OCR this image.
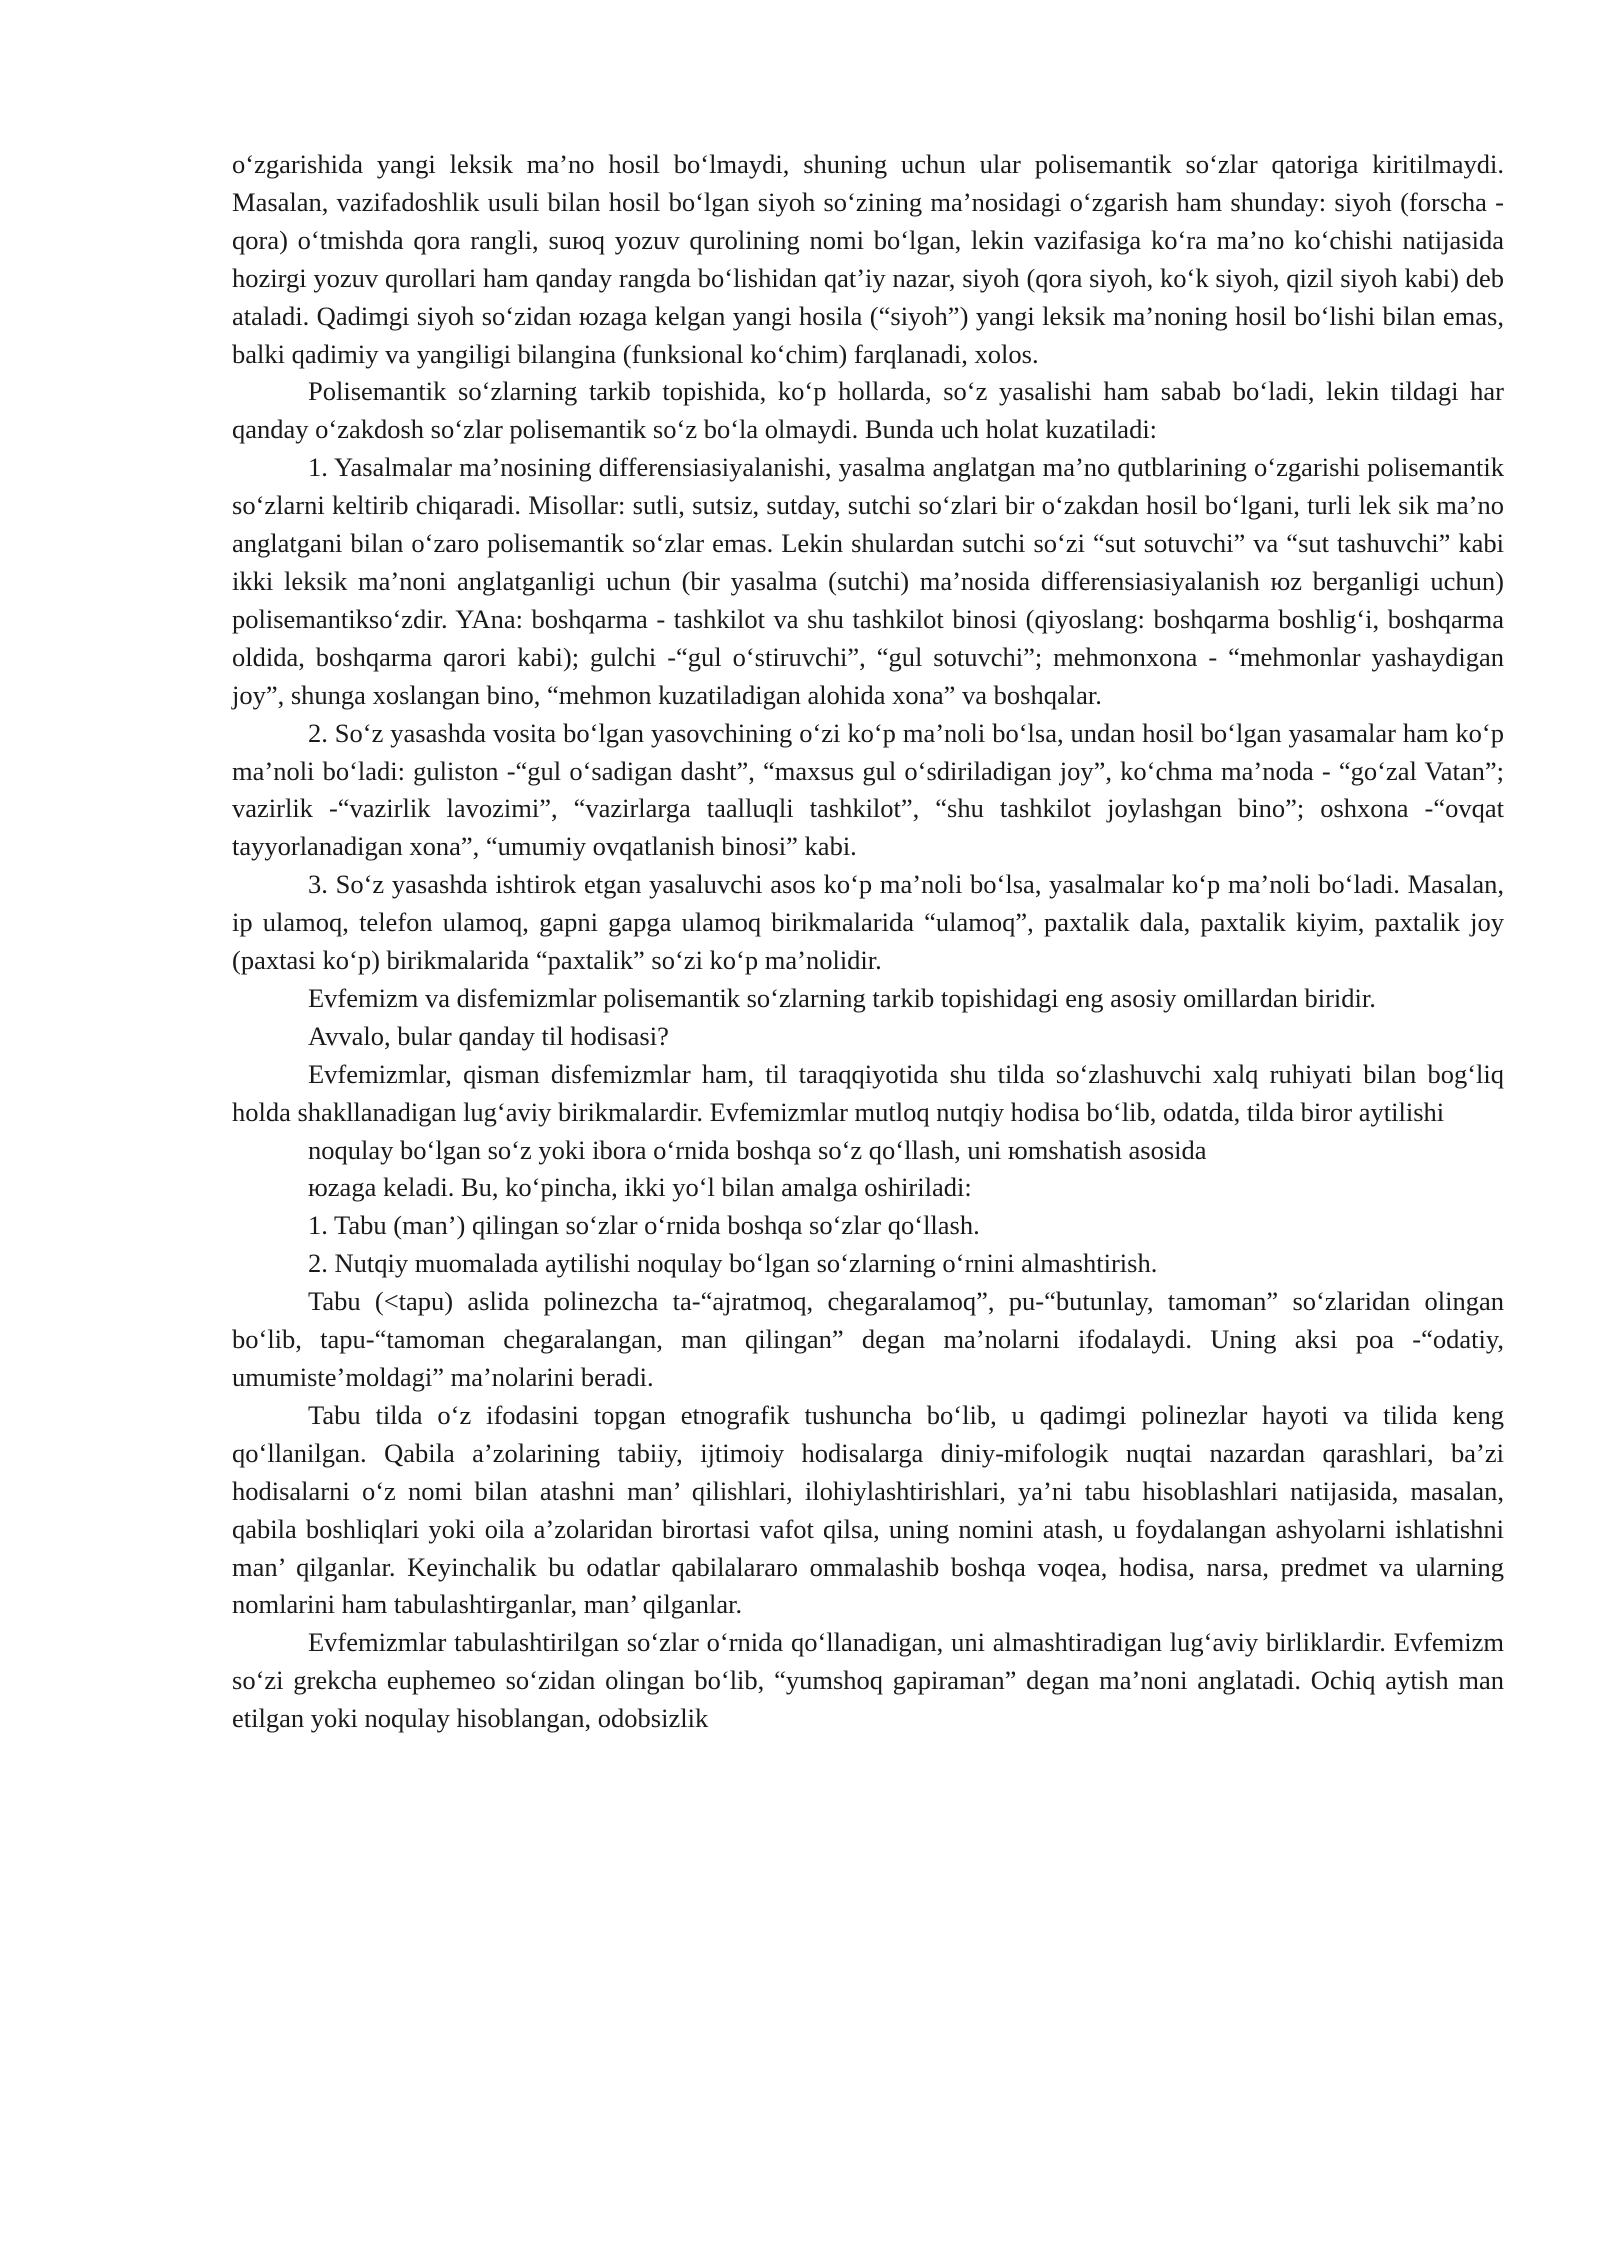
o‘zgarishida yangi leksik ma’no hosil bo‘lmaydi, shuning uchun ular polisemantik so‘zlar qatoriga kiritilmaydi. Masalan, vazifadoshlik usuli bilan hosil bo‘lgan siyoh so‘zining ma’nosidagi o‘zgarish ham shunday: siyoh (forscha - qora) o‘tmishda qora rangli, suюq yozuv qurolining nomi bo‘lgan, lekin vazifasiga ko‘ra ma’no ko‘chishi natijasida hozirgi yozuv qurollari ham qanday rangda bo‘lishidan qat’iy nazar, siyoh (qora siyoh, ko‘k siyoh, qizil siyoh kabi) deb ataladi. Qadimgi siyoh so‘zidan юzaga kelgan yangi hosila (“siyoh”) yangi leksik ma’noning hosil bo‘lishi bilan emas, balki qadimiy va yangiligi bilangina (funksional ko‘chim) farqlanadi, xolos.

Polisemantik so‘zlarning tarkib topishida, ko‘p hollarda, so‘z yasalishi ham sabab bo‘ladi, lekin tildagi har qanday o‘zakdosh so‘zlar polisemantik so‘z bo‘la olmaydi. Bunda uch holat kuzatiladi:

1. Yasalmalar ma’nosining differensiasiyalanishi, yasalma anglatgan ma’no qutblarining o‘zgarishi polisemantik so‘zlarni keltirib chiqaradi. Misollar: sutli, sutsiz, sutday, sutchi so‘zlari bir o‘zakdan hosil bo‘lgani, turli lek sik ma’no anglatgani bilan o‘zaro polisemantik so‘zlar emas. Lekin shulardan sutchi so‘zi “sut sotuvchi” va “sut tashuvchi” kabi ikki leksik ma’noni anglatganligi uchun (bir yasalma (sutchi) ma’nosida differensiasiyalanish юz berganligi uchun) polisemantikso‘zdir. YAna: boshqarma - tashkilot va shu tashkilot binosi (qiyoslang: boshqarma boshlig‘i, boshqarma oldida, boshqarma qarori kabi); gulchi -“gul o‘stiruvchi”, “gul sotuvchi”; mehmonxona - “mehmonlar yashaydigan joy”, shunga xoslangan bino, “mehmon kuzatiladigan alohida xona” va boshqalar.

2. So‘z yasashda vosita bo‘lgan yasovchining o‘zi ko‘p ma’noli bo‘lsa, undan hosil bo‘lgan yasamalar ham ko‘p ma’noli bo‘ladi: guliston -“gul o‘sadigan dasht”, “maxsus gul o‘sdiriladigan joy”, ko‘chma ma’noda - “go‘zal Vatan”; vazirlik -“vazirlik lavozimi”, “vazirlarga taalluqli tashkilot”, “shu tashkilot joylashgan bino”; oshxona -“ovqat tayyorlanadigan xona”, “umumiy ovqatlanish binosi” kabi.

3. So‘z yasashda ishtirok etgan yasaluvchi asos ko‘p ma’noli bo‘lsa, yasalmalar ko‘p ma’noli bo‘ladi. Masalan, ip ulamoq, telefon ulamoq, gapni gapga ulamoq birikmalarida “ulamoq”, paxtalik dala, paxtalik kiyim, paxtalik joy (paxtasi ko‘p) birikmalarida “paxtalik” so‘zi ko‘p ma’nolidir.

Evfemizm va disfemizmlar polisemantik so‘zlarning tarkib topishidagi eng asosiy omillardan biridir.

Avvalo, bular qanday til hodisasi?

Evfemizmlar, qisman disfemizmlar ham, til taraqqiyotida shu tilda so‘zlashuvchi xalq ruhiyati bilan bog‘liq holda shakllanadigan lug‘aviy birikmalardir. Evfemizmlar mutloq nutqiy hodisa bo‘lib, odatda, tilda biror aytilishi

noqulay bo‘lgan so‘z yoki ibora o‘rnida boshqa so‘z qo‘llash, uni юmshatish asosida

юzaga keladi. Bu, ko‘pincha, ikki yo‘l bilan amalga oshiriladi:

1. Tabu (man’) qilingan so‘zlar o‘rnida boshqa so‘zlar qo‘llash.

2. Nutqiy muomalada aytilishi noqulay bo‘lgan so‘zlarning o‘rnini almashtirish.

Tabu (<tapu) aslida polinezcha ta-“ajratmoq, chegaralamoq”, pu-“butunlay, tamoman” so‘zlaridan olingan bo‘lib, tapu-“tamoman chegaralangan, man qilingan” degan ma’nolarni ifodalaydi. Uning aksi poa -“odatiy, umumiste’moldagi” ma’nolarini beradi.

Tabu tilda o‘z ifodasini topgan etnografik tushuncha bo‘lib, u qadimgi polinezlar hayoti va tilida keng qo‘llanilgan. Qabila a’zolarining tabiiy, ijtimoiy hodisalarga diniy-mifologik nuqtai nazardan qarashlari, ba’zi hodisalarni o‘z nomi bilan atashni man’ qilishlari, ilohiylashtirishlari, ya’ni tabu hisoblashlari natijasida, masalan, qabila boshliqlari yoki oila a’zolaridan birortasi vafot qilsa, uning nomini atash, u foydalangan ashyolarni ishlatishni man’ qilganlar. Keyinchalik bu odatlar qabilalararo ommalashib boshqa voqea, hodisa, narsa, predmet va ularning nomlarini ham tabulashtirganlar, man’ qilganlar.

Evfemizmlar tabulashtirilgan so‘zlar o‘rnida qo‘llanadigan, uni almashtiradigan lug‘aviy birliklardir. Evfemizm so‘zi grekcha euphemeo so‘zidan olingan bo‘lib, “yumshoq gapiraman” degan ma’noni anglatadi. Ochiq aytish man etilgan yoki noqulay hisoblangan, odobsizlik
